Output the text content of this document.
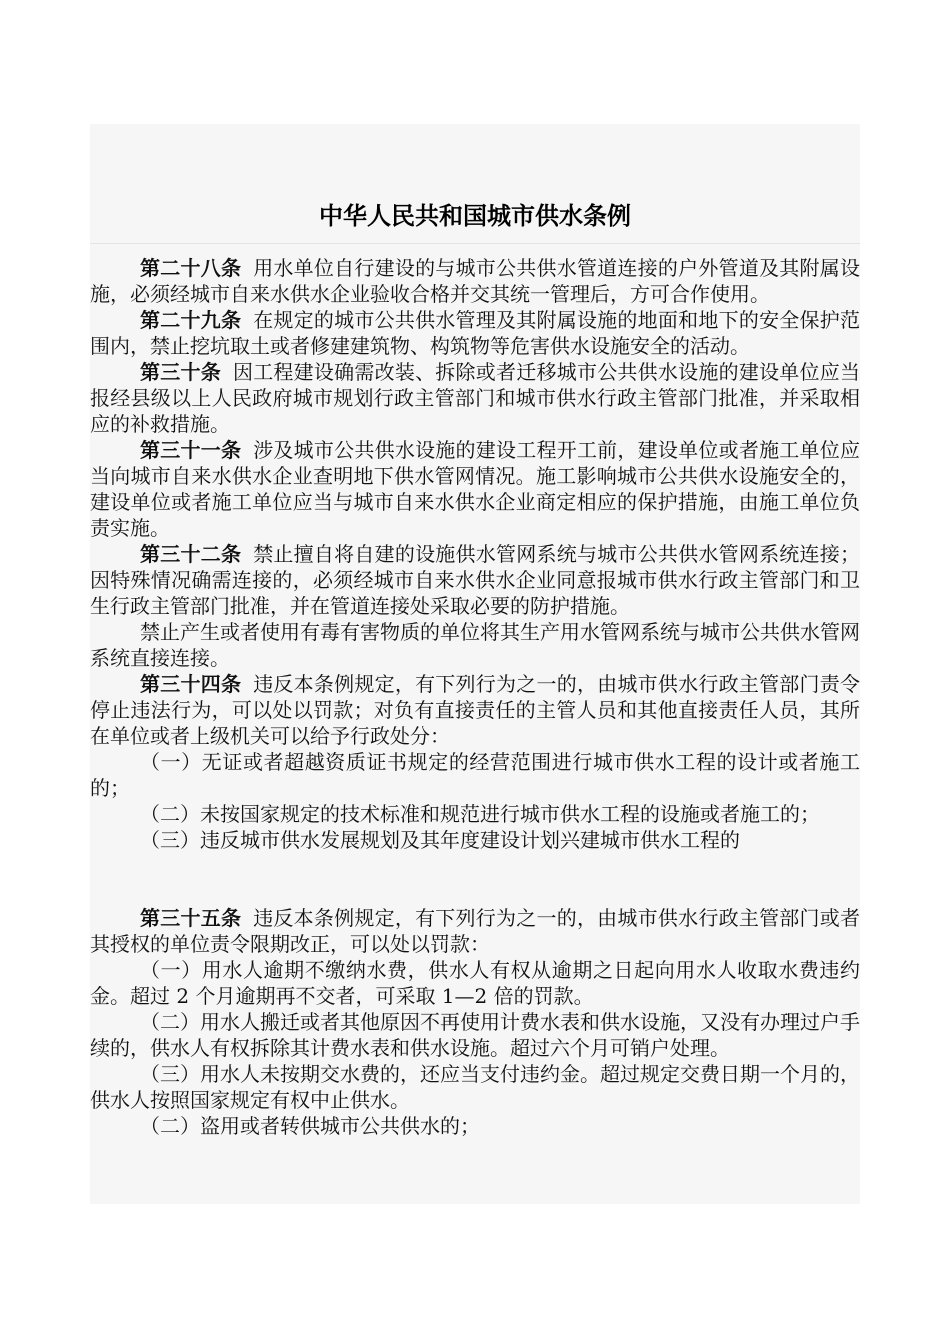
中华人民共和国城市供水条例

第二十八条 用水单位自行建设的与城市公共供水管道连接的户外管道及其附属设施，必须经城市自来水供水企业验收合格并交其统一管理后，方可合作使用。

第二十九条 在规定的城市公共供水管理及其附属设施的地面和地下的安全保护范围内，禁止挖坑取土或者修建建筑物、构筑物等危害供水设施安全的活动。

第三十条 因工程建设确需改装、拆除或者迁移城市公共供水设施的建设单位应当报经县级以上人民政府城市规划行政主管部门和城市供水行政主管部门批准，并采取相应的补救措施。

第三十一条 涉及城市公共供水设施的建设工程开工前，建设单位或者施工单位应当向城市自来水供水企业查明地下供水管网情况。施工影响城市公共供水设施安全的，建设单位或者施工单位应当与城市自来水供水企业商定相应的保护措施，由施工单位负责实施。

第三十二条 禁止擅自将自建的设施供水管网系统与城市公共供水管网系统连接；因特殊情况确需连接的，必须经城市自来水供水企业同意报城市供水行政主管部门和卫生行政主管部门批准，并在管道连接处采取必要的防护措施。

禁止产生或者使用有毒有害物质的单位将其生产用水管网系统与城市公共供水管网系统直接连接。

第三十四条 违反本条例规定，有下列行为之一的，由城市供水行政主管部门责令停止违法行为，可以处以罚款；对负有直接责任的主管人员和其他直接责任人员，其所在单位或者上级机关可以给予行政处分：

（一）无证或者超越资质证书规定的经营范围进行城市供水工程的设计或者施工的；

（二）未按国家规定的技术标准和规范进行城市供水工程的设施或者施工的；

（三）违反城市供水发展规划及其年度建设计划兴建城市供水工程的

第三十五条 违反本条例规定，有下列行为之一的，由城市供水行政主管部门或者其授权的单位责令限期改正，可以处以罚款：

（一）用水人逾期不缴纳水费，供水人有权从逾期之日起向用水人收取水费违约金。超过 2 个月逾期再不交者，可采取 1—2 倍的罚款。

（二）用水人搬迁或者其他原因不再使用计费水表和供水设施，又没有办理过户手续的，供水人有权拆除其计费水表和供水设施。超过六个月可销户处理。

（三）用水人未按期交水费的，还应当支付违约金。超过规定交费日期一个月的，供水人按照国家规定有权中止供水。

（二）盗用或者转供城市公共供水的；
